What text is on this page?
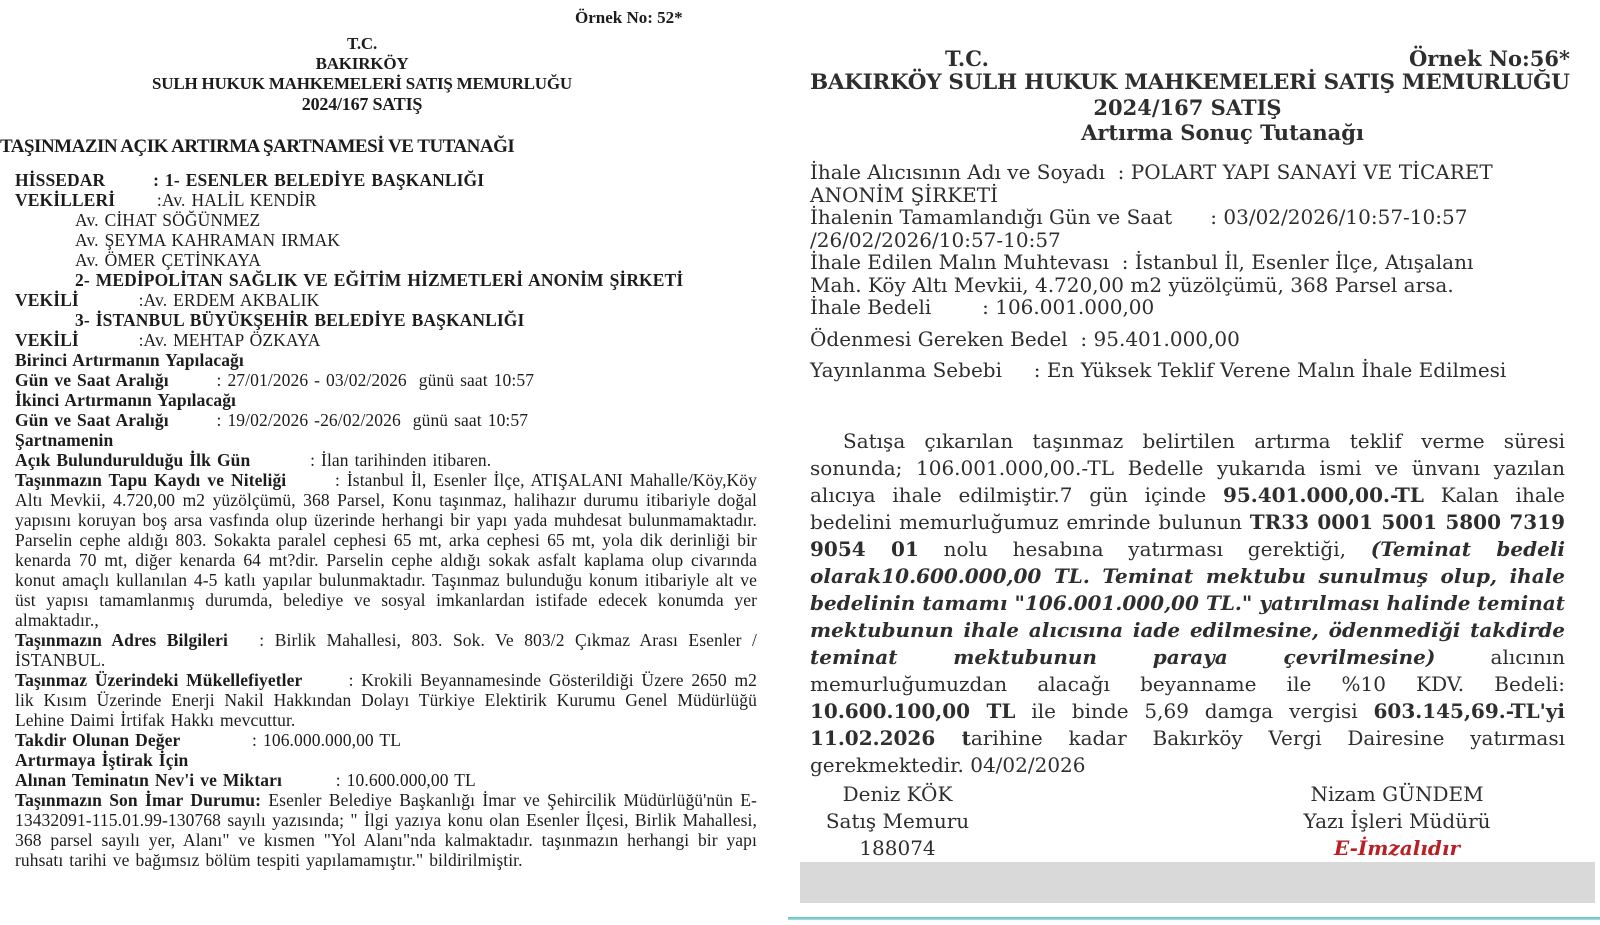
Örnek No: 52*
T.C.
BAKIRKÖY
SULH HUKUK MAHKEMELERİ SATIŞ MEMURLUĞU
2024/167 SATIŞ
TAŞINMAZIN AÇIK ARTIRMA ŞARTNAMESİ VE TUTANAĞI
HİSSEDAR        : 1- ESENLER BELEDİYE BAŞKANLIĞI
VEKİLLERİ       :Av. HALİL KENDİR
Av. CİHAT SÖĞÜNMEZ
Av. ŞEYMA KAHRAMAN IRMAK
Av. ÖMER ÇETİNKAYA
2- MEDİPOLİTAN SAĞLIK VE EĞİTİM HİZMETLERİ ANONİM ŞİRKETİ
VEKİLİ          :Av. ERDEM AKBALIK
3- İSTANBUL BÜYÜKŞEHİR BELEDİYE BAŞKANLIĞI
VEKİLİ          :Av. MEHTAP ÖZKAYA
Birinci Artırmanın Yapılacağı
Gün ve Saat Aralığı        : 27/01/2026 - 03/02/2026  günü saat 10:57
İkinci Artırmanın Yapılacağı
Gün ve Saat Aralığı        : 19/02/2026 -26/02/2026  günü saat 10:57
Şartnamenin
Açık Bulundurulduğu İlk Gün          : İlan tarihinden itibaren.
Taşınmazın Tapu Kaydı ve Niteliği       : İstanbul İl, Esenler İlçe, ATIŞALANI Mahalle/Köy,Köy Altı Mevkii, 4.720,00 m2 yüzölçümü, 368 Parsel, Konu taşınmaz, halihazır durumu itibariyle doğal yapısını koruyan boş arsa vasfında olup üzerinde herhangi bir yapı yada muhdesat bulunmamaktadır. Parselin cephe aldığı 803. Sokakta paralel cephesi 65 mt, arka cephesi 65 mt, yola dik derinliği bir kenarda 70 mt, diğer kenarda 64 mt?dir. Parselin cephe aldığı sokak asfalt kaplama olup civarında konut amaçlı kullanılan 4-5 katlı yapılar bulunmaktadır. Taşınmaz bulunduğu konum itibariyle alt ve üst yapısı tamamlanmış durumda, belediye ve sosyal imkanlardan istifade edecek konumda yer almaktadır.,
Taşınmazın Adres Bilgileri   : Birlik Mahallesi, 803. Sok. Ve 803/2 Çıkmaz Arası Esenler / İSTANBUL.
Taşınmaz Üzerindeki Mükellefiyetler      : Krokili Beyannamesinde Gösterildiği Üzere 2650 m2 lik Kısım Üzerinde Enerji Nakil Hakkından Dolayı Türkiye Elektirik Kurumu Genel Müdürlüğü Lehine Daimi İrtifak Hakkı mevcuttur.
Takdir Olunan Değer            : 106.000.000,00 TL
Artırmaya İştirak İçin
Alınan Teminatın Nev'i ve Miktarı         : 10.600.000,00 TL
Taşınmazın Son İmar Durumu: Esenler Belediye Başkanlığı İmar ve Şehircilik Müdürlüğü'nün E-13432091-115.01.99-130768 sayılı yazısında; " İlgi yazıya konu olan Esenler İlçesi, Birlik Mahallesi, 368 parsel sayılı yer, Alanı" ve kısmen "Yol Alanı"nda kalmaktadır. taşınmazın herhangi bir yapı ruhsatı tarihi ve bağımsız bölüm tespiti yapılamamıştır." bildirilmiştir.
T.C.	Örnek No:56*
BAKIRKÖY SULH HUKUK MAHKEMELERİ SATIŞ MEMURLUĞU
2024/167 SATIŞ
Artırma Sonuç Tutanağı
İhale Alıcısının Adı ve Soyadı  : POLART YAPI SANAYİ VE TİCARET
ANONİM ŞİRKETİ
İhalenin Tamamlandığı Gün ve Saat      : 03/02/2026/10:57-10:57
/26/02/2026/10:57-10:57
İhale Edilen Malın Muhtevası  : İstanbul İl, Esenler İlçe, Atışalanı
Mah. Köy Altı Mevkii, 4.720,00 m2 yüzölçümü, 368 Parsel arsa.
İhale Bedeli        : 106.001.000,00
Ödenmesi Gereken Bedel  : 95.401.000,00
Yayınlanma Sebebi     : En Yüksek Teklif Verene Malın İhale Edilmesi

Satışa çıkarılan taşınmaz belirtilen artırma teklif verme süresi sonunda; 106.001.000,00.-TL Bedelle yukarıda ismi ve ünvanı yazılan alıcıya ihale edilmiştir.7 gün içinde 95.401.000,00.-TL Kalan ihale bedelini memurluğumuz emrinde bulunun TR33 0001 5001 5800 7319 9054 01 nolu hesabına yatırması gerektiği, (Teminat bedeli olarak10.600.000,00 TL. Teminat mektubu sunulmuş olup, ihale bedelinin tamamı "106.001.000,00 TL." yatırılması halinde teminat mektubunun ihale alıcısına iade edilmesine, ödenmediği takdirde teminat mektubunun paraya çevrilmesine) alıcının memurluğumuzdan alacağı beyanname ile %10 KDV. Bedeli: 10.600.100,00 TL ile binde 5,69 damga vergisi 603.145,69.-TL'yi 11.02.2026 tarihine kadar Bakırköy Vergi Dairesine yatırması gerekmektedir. 04/02/2026

Deniz KÖK
Satış Memuru
188074
Nizam GÜNDEM
Yazı İşleri Müdürü
E-İmzalıdır
